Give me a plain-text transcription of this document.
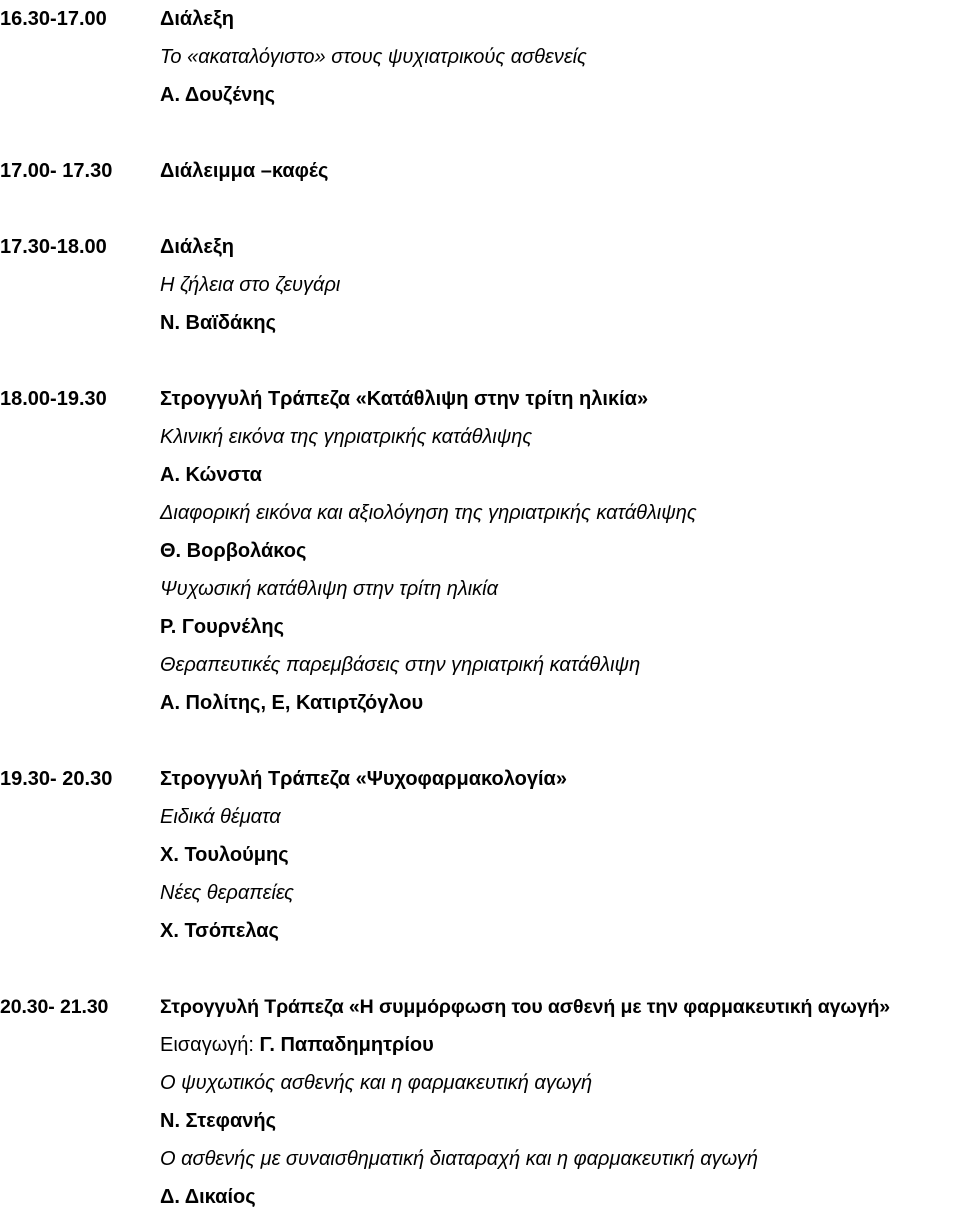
16.30-17.00	Διάλεξη
Το «ακαταλόγιστο» στους ψυχιατρικούς ασθενείς
Α. Δουζένης
17.00- 17.30 Διάλειμμα –καφές
17.30-18.00	Διάλεξη
Η ζήλεια στο ζευγάρι
Ν. Βαϊδάκης
18.00-19.30	Στρογγυλή Τράπεζα «Κατάθλιψη στην τρίτη ηλικία»
Κλινική εικόνα της γηριατρικής κατάθλιψης
Α. Κώνστα
Διαφορική εικόνα και αξιολόγηση της γηριατρικής κατάθλιψης
Θ. Βορβολάκος
Ψυχωσική κατάθλιψη στην τρίτη ηλικία
Ρ. Γουρνέλης
Θεραπευτικές παρεμβάσεις στην γηριατρική κατάθλιψη
Α. Πολίτης, Ε, Κατιρτζόγλου
19.30- 20.30 Στρογγυλή Τράπεζα «Ψυχοφαρμακολογία»
Ειδικά θέματα
Χ. Τουλούμης
Νέες θεραπείες
Χ. Τσόπελας
20.30- 21.30	Στρογγυλή Τράπεζα «Η συμμόρφωση του ασθενή με την φαρμακευτική αγωγή»
Εισαγωγή: Γ. Παπαδημητρίου
Ο ψυχωτικός ασθενής και η φαρμακευτική αγωγή
Ν. Στεφανής
Ο ασθενής με συναισθηματική διαταραχή και η φαρμακευτική αγωγή
Δ. Δικαίος
